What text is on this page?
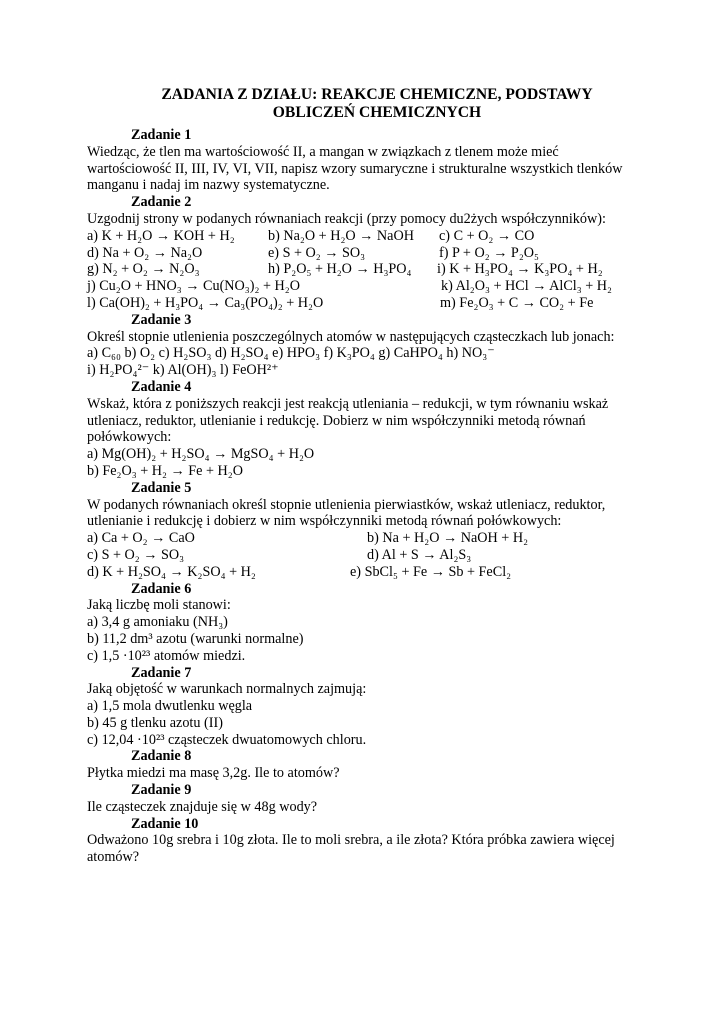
ZADANIA Z DZIAŁU: REAKCJE CHEMICZNE, PODSTAWY
OBLICZEŃ CHEMICZNYCH
Zadanie 1
Wiedząc, że tlen ma wartościowość II, a mangan w związkach z tlenem może mieć
wartościowość II, III, IV, VI, VII, napisz wzory sumaryczne i strukturalne wszystkich tlenków
manganu i nadaj im nazwy systematyczne.
Zadanie 2
Uzgodnij strony w podanych równaniach reakcji (przy pomocy du2żych współczynników):
a) K + H₂O → KOH + H₂ b) Na₂O + H₂O → NaOH c) C + O₂ → CO
d) Na + O₂ → Na₂O	e) S + O₂ → SO₃	f) P + O₂ → P₂O₅
g) N₂ + O₂ → N₂O₃	h) P₂O₅ + H₂O → H₃PO₄ i) K + H₃PO₄ → K₃PO₄ + H₂
j) Cu₂O + HNO₃ → Cu(NO₃)₂ + H₂O	k) Al₂O₃ + HCl → AlCl₃ + H₂
l) Ca(OH)₂ + H₃PO₄ → Ca₃(PO₄)₂ + H₂O	m) Fe₂O₃ + C → CO₂ + Fe
Zadanie 3
Określ stopnie utlenienia poszczególnych atomów w następujących cząsteczkach lub jonach:
a) C₆₀ b) O₂ c) H₂SO₃ d) H₂SO₄ e) HPO₃ f) K₃PO₄ g) CaHPO₄ h) NO₃⁻
i) H₂PO₄²⁻ k) Al(OH)₃ l) FeOH²⁺
Zadanie 4
Wskaż, która z poniższych reakcji jest reakcją utleniania – redukcji, w tym równaniu wskaż
utleniacz, reduktor, utlenianie i redukcję. Dobierz w nim współczynniki metodą równań
połówkowych:
a) Mg(OH)₂ + H₂SO₄ → MgSO₄ + H₂O
b) Fe₂O₃ + H₂ → Fe + H₂O
Zadanie 5
W podanych równaniach określ stopnie utlenienia pierwiastków, wskaż utleniacz, reduktor,
utlenianie i redukcję i dobierz w nim współczynniki metodą równań połówkowych:
a) Ca + O₂ → CaO	b) Na + H₂O → NaOH + H₂
c) S + O₂ → SO₃	d) Al + S → Al₂S₃
d) K + H₂SO₄ → K₂SO₄ + H₂	e) SbCl₅ + Fe → Sb + FeCl₂
Zadanie 6
Jaką liczbę moli stanowi:
a) 3,4 g amoniaku (NH₃)
b) 11,2 dm³ azotu (warunki normalne)
c) 1,5 ·10²³ atomów miedzi.
Zadanie 7
Jaką objętość w warunkach normalnych zajmują:
a) 1,5 mola dwutlenku węgla
b) 45 g tlenku azotu (II)
c) 12,04 ·10²³ cząsteczek dwuatomowych chloru.
Zadanie 8
Płytka miedzi ma masę 3,2g. Ile to atomów?
Zadanie 9
Ile cząsteczek znajduje się w 48g wody?
Zadanie 10
Odważono 10g srebra i 10g złota. Ile to moli srebra, a ile złota? Która próbka zawiera więcej
atomów?
